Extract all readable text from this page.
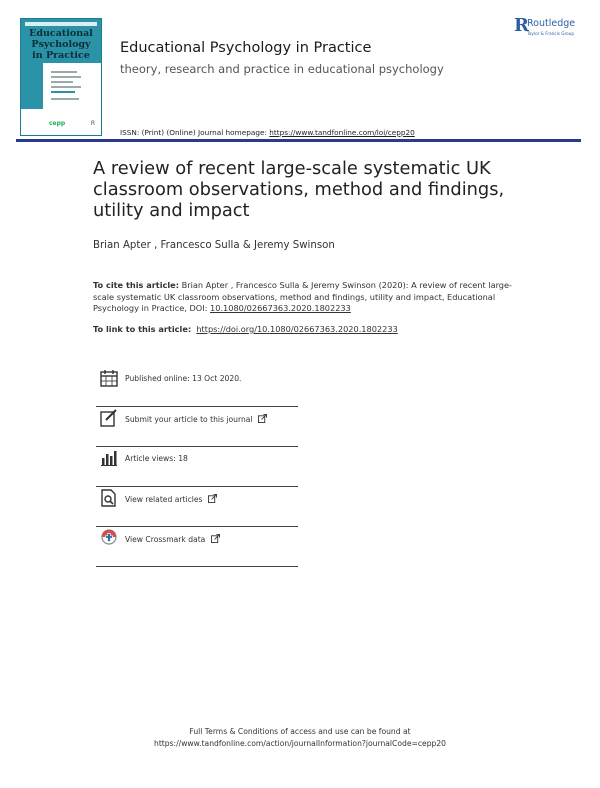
Educational
Psychology
in Practice
cepp	R
Educational Psychology in Practice
theory, research and practice in educational psychology
ISSN: (Print) (Online) Journal homepage: https://www.tandfonline.com/loi/cepp20
R
Routledge
Taylor & Francis Group
A review of recent large-scale systematic UK classroom observations, method and findings, utility and impact
Brian Apter , Francesco Sulla & Jeremy Swinson
To cite this article: Brian Apter , Francesco Sulla & Jeremy Swinson (2020): A review of recent large-scale systematic UK classroom observations, method and findings, utility and impact, Educational Psychology in Practice, DOI: 10.1080/02667363.2020.1802233
To link to this article: https://doi.org/10.1080/02667363.2020.1802233
Published online: 13 Oct 2020.
Submit your article to this journal
Article views: 18
View related articles
View Crossmark data
Full Terms & Conditions of access and use can be found at
https://www.tandfonline.com/action/journalInformation?journalCode=cepp20
